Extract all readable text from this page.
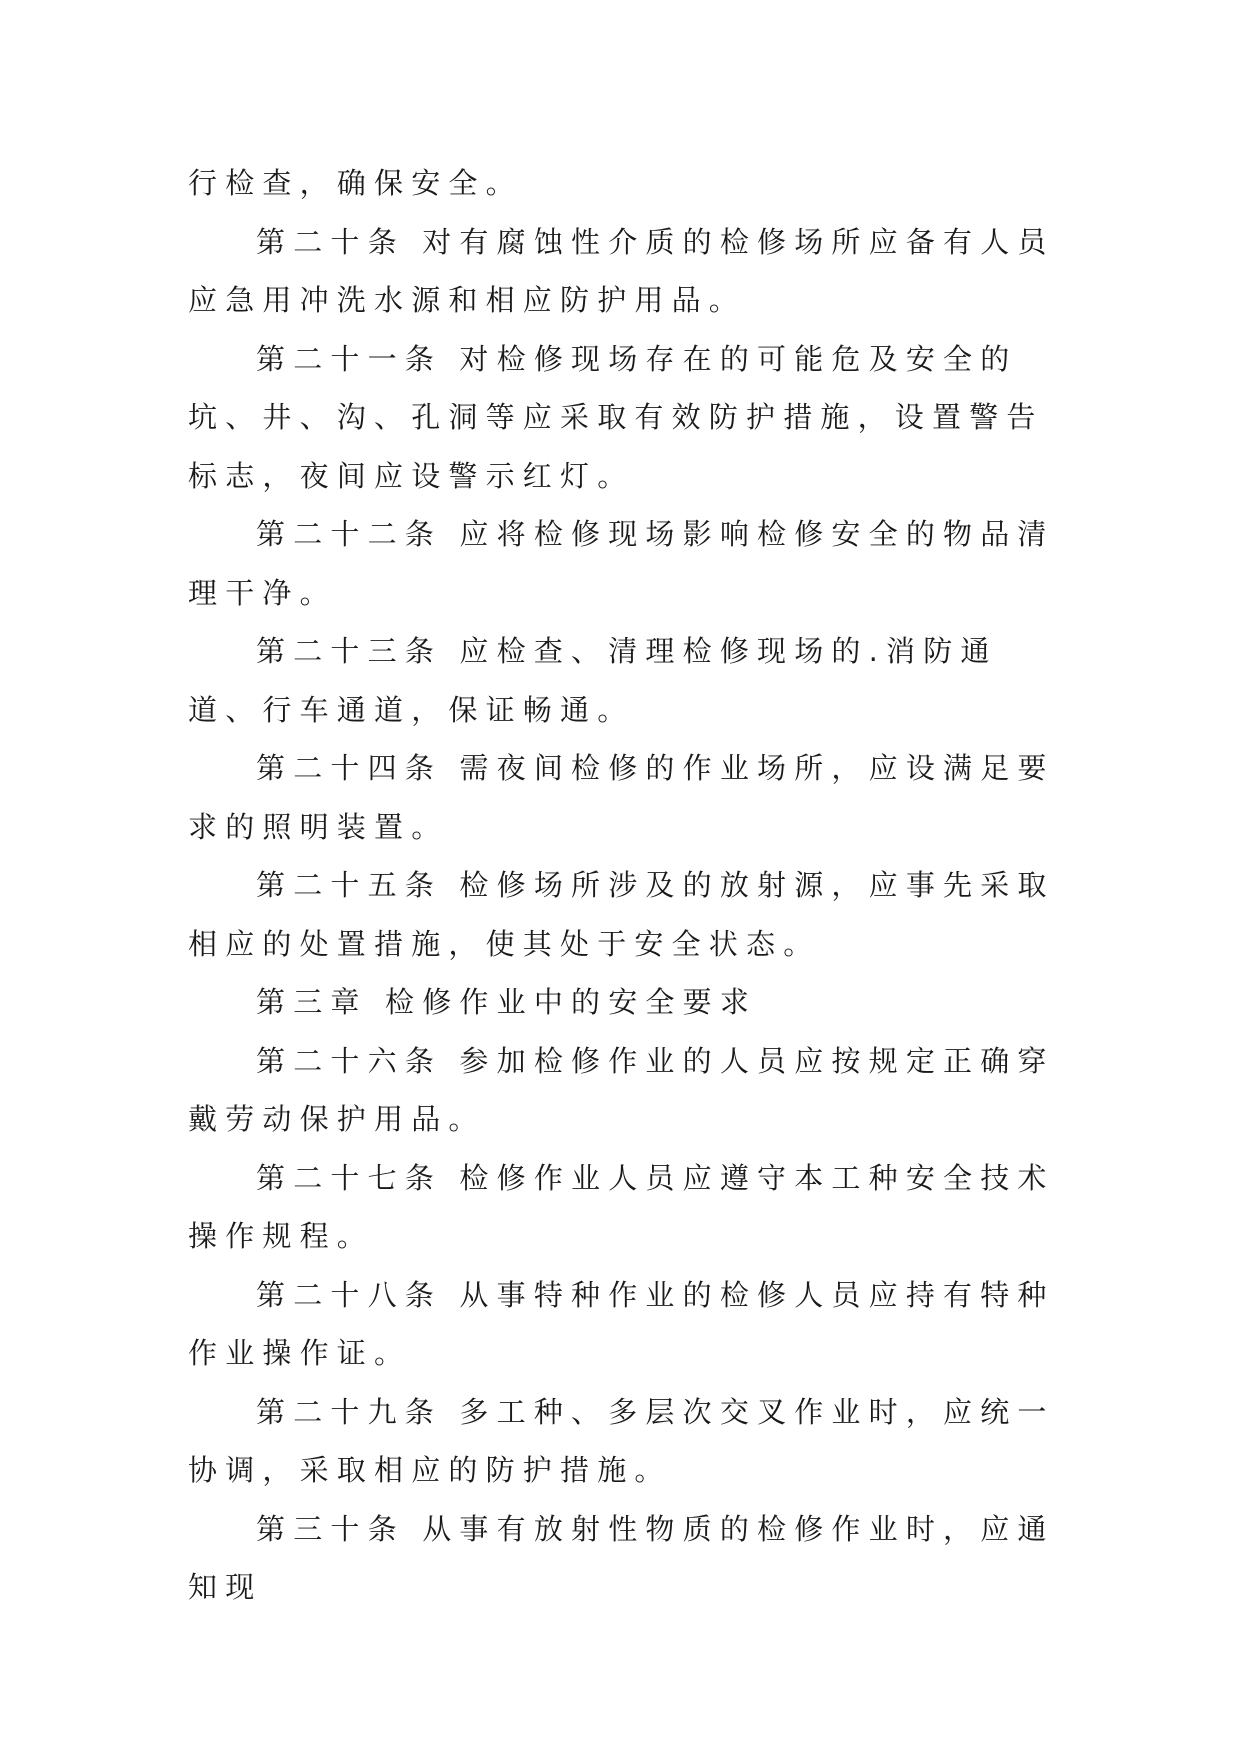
行检查，确保安全。

第二十条 对有腐蚀性介质的检修场所应备有人员应急用冲洗水源和相应防护用品。

第二十一条 对检修现场存在的可能危及安全的坑、井、沟、孔洞等应采取有效防护措施，设置警告标志，夜间应设警示红灯。

第二十二条 应将检修现场影响检修安全的物品清理干净。

第二十三条 应检查、清理检修现场的.消防通道、行车通道，保证畅通。

第二十四条 需夜间检修的作业场所，应设满足要求的照明装置。

第二十五条 检修场所涉及的放射源，应事先采取相应的处置措施，使其处于安全状态。

第三章 检修作业中的安全要求

第二十六条 参加检修作业的人员应按规定正确穿戴劳动保护用品。

第二十七条 检修作业人员应遵守本工种安全技术操作规程。

第二十八条 从事特种作业的检修人员应持有特种作业操作证。

第二十九条 多工种、多层次交叉作业时，应统一协调，采取相应的防护措施。

第三十条 从事有放射性物质的检修作业时，应通知现
